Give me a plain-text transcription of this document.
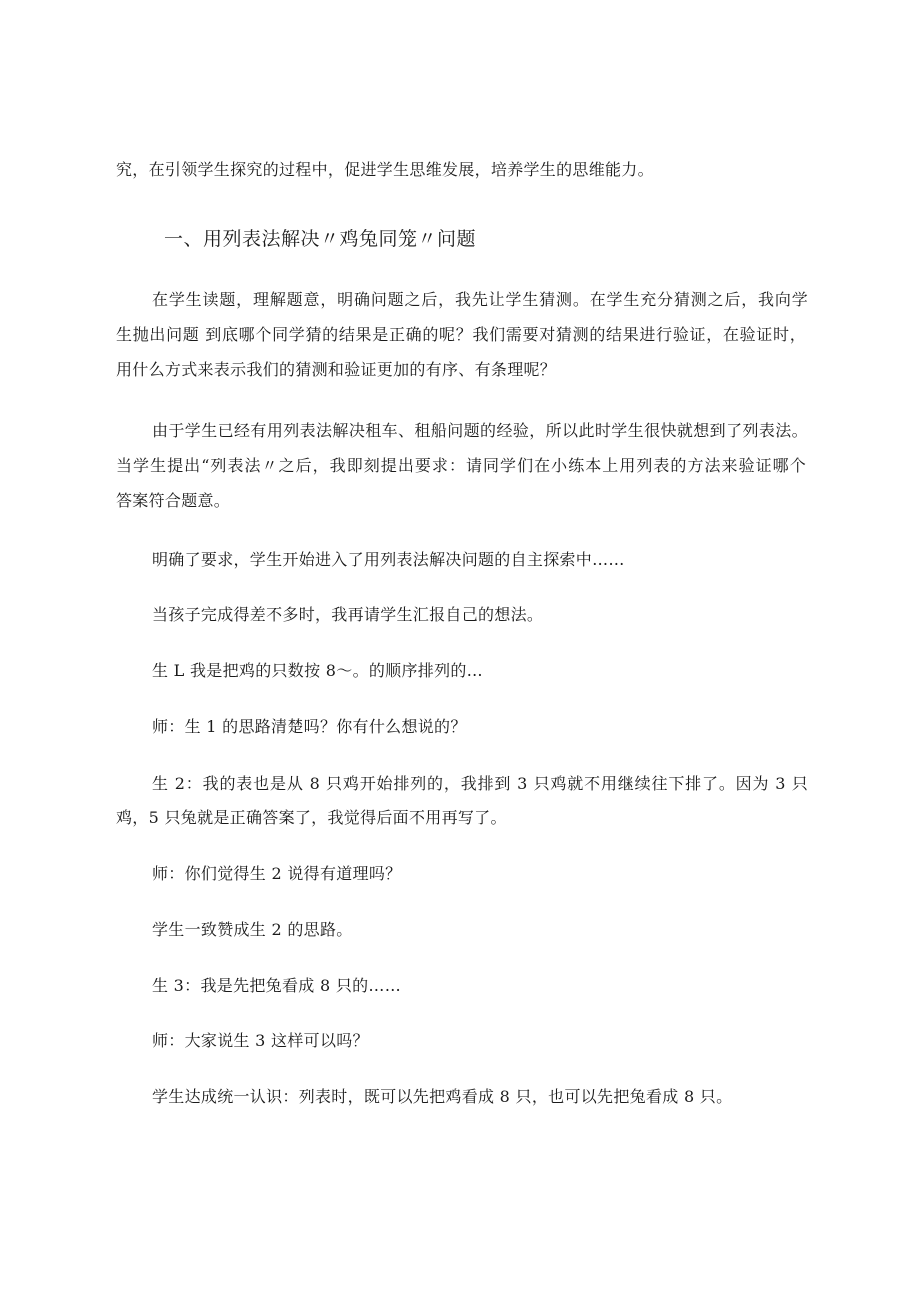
究，在引领学生探究的过程中，促进学生思维发展，培养学生的思维能力。
一、用列表法解决〃鸡兔同笼〃问题
在学生读题，理解题意，明确问题之后，我先让学生猜测。在学生充分猜测之后，我向学
生抛出问题 到底哪个同学猜的结果是正确的呢？我们需要对猜测的结果进行验证，在验证时，
用什么方式来表示我们的猜测和验证更加的有序、有条理呢？
由于学生已经有用列表法解决租车、租船问题的经验，所以此时学生很快就想到了列表法。
当学生提出“列表法〃之后，我即刻提出要求：请同学们在小练本上用列表的方法来验证哪个
答案符合题意。
明确了要求，学生开始进入了用列表法解决问题的自主探索中……
当孩子完成得差不多时，我再请学生汇报自己的想法。
生 L 我是把鸡的只数按 8〜。的顺序排列的…
师：生 1 的思路清楚吗？你有什么想说的？
生 2：我的表也是从 8 只鸡开始排列的，我排到 3 只鸡就不用继续往下排了。因为 3 只
鸡，5 只兔就是正确答案了，我觉得后面不用再写了。
师：你们觉得生 2 说得有道理吗？
学生一致赞成生 2 的思路。
生 3：我是先把兔看成 8 只的……
师：大家说生 3 这样可以吗？
学生达成统一认识：列表时，既可以先把鸡看成 8 只，也可以先把兔看成 8 只。
